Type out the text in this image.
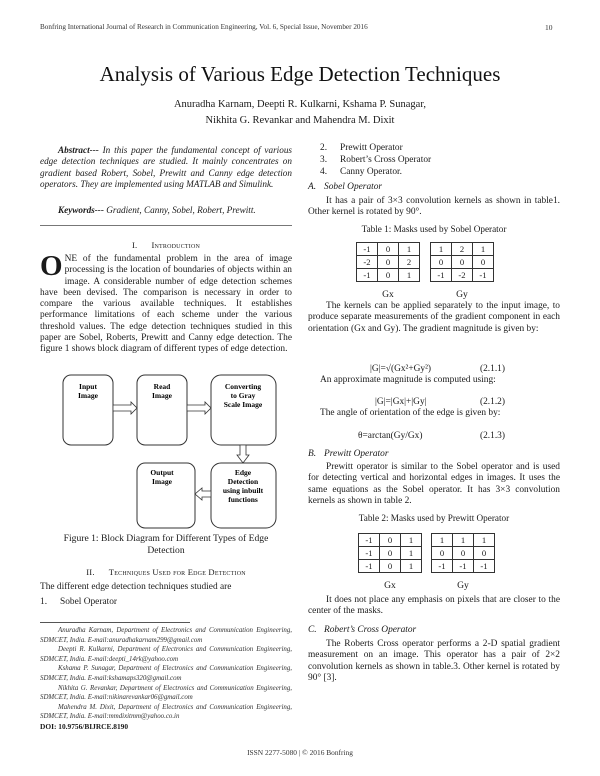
Bonfring International Journal of Research in Communication Engineering, Vol. 6, Special Issue, November 2016	10
Analysis of Various Edge Detection Techniques
Anuradha Karnam, Deepti R. Kulkarni, Kshama P. Sunagar,
Nikhita G. Revankar and Mahendra M. Dixit
Abstract--- In this paper the fundamental concept of various edge detection techniques are studied. It mainly concentrates on gradient based Robert, Sobel, Prewitt and Canny edge detection operators. They are implemented using MATLAB and Simulink.
Keywords--- Gradient, Canny, Sobel, Robert, Prewitt.
I. Introduction
ONE of the fundamental problem in the area of image processing is the location of boundaries of objects within an image. A considerable number of edge detection schemes have been devised. The comparison is necessary in order to compare the various available techniques. It establishes performance limitations of each scheme under the various threshold values. The edge detection techniques studied in this paper are Sobel, Roberts, Prewitt and Canny edge detection. The figure 1 shows block diagram of different types of edge detection.
Input Image
Read Image
Converting to Gray Scale Image
Edge Detection using inbuilt functions
Output Image
Figure 1: Block Diagram for Different Types of Edge
Detection
II. Techniques Used for Edge Detection
The different edge detection techniques studied are
1. Sobel Operator
Anuradha Karnam, Department of Electronics and Communication Engineering, SDMCET, India. E-mail:anuradhakarnam299@gmail.com
Deepti R. Kulkarni, Department of Electronics and Communication Engineering, SDMCET, India. E-mail:deepti_14rk@yahoo.com
Kshama P. Sunagar, Department of Electronics and Communication Engineering, SDMCET, India. E-mail:kshamaps320@gmail.com
Nikhita G. Revankar, Department of Electronics and Communication Engineering, SDMCET, India. E-mail:nikinarevankar06@gmail.com
Mahendra M. Dixit, Department of Electronics and Communication Engineering, SDMCET, India. E-mail:mmdixitmm@yahoo.co.in
DOI: 10.9756/BIJRCE.8190
2. Prewitt Operator
3. Robert’s Cross Operator
4. Canny Operator.
A. Sobel Operator
It has a pair of 3×3 convolution kernels as shown in table1. Other kernel is rotated by 90°.
Table 1: Masks used by Sobel Operator
-1	0	1
-2	0	2
-1	0	1
Gx
1	2	1
0	0	0
-1	-2	-1
Gy
The kernels can be applied separately to the input image, to produce separate measurements of the gradient component in each orientation (Gx and Gy). The gradient magnitude is given by:
|G|=√(Gx²+Gy²)	(2.1.1)
An approximate magnitude is computed using:
|G|=|Gx|+|Gy|	(2.1.2)
The angle of orientation of the edge is given by:
θ=arctan(Gy/Gx)	(2.1.3)
B. Prewitt Operator
Prewitt operator is similar to the Sobel operator and is used for detecting vertical and horizontal edges in images. It uses the same equations as the Sobel operator. It has 3×3 convolution kernels as shown in table 2.
Table 2: Masks used by Prewitt Operator
-1	0	1
-1	0	1
-1	0	1
Gx
1	1	1
0	0	0
-1	-1	-1
Gy
It does not place any emphasis on pixels that are closer to the center of the masks.
C. Robert’s Cross Operator
The Roberts Cross operator performs a 2-D spatial gradient measurement on an image. This operator has a pair of 2×2 convolution kernels as shown in table.3. Other kernel is rotated by 90° [3].
ISSN 2277-5080 | © 2016 Bonfring
